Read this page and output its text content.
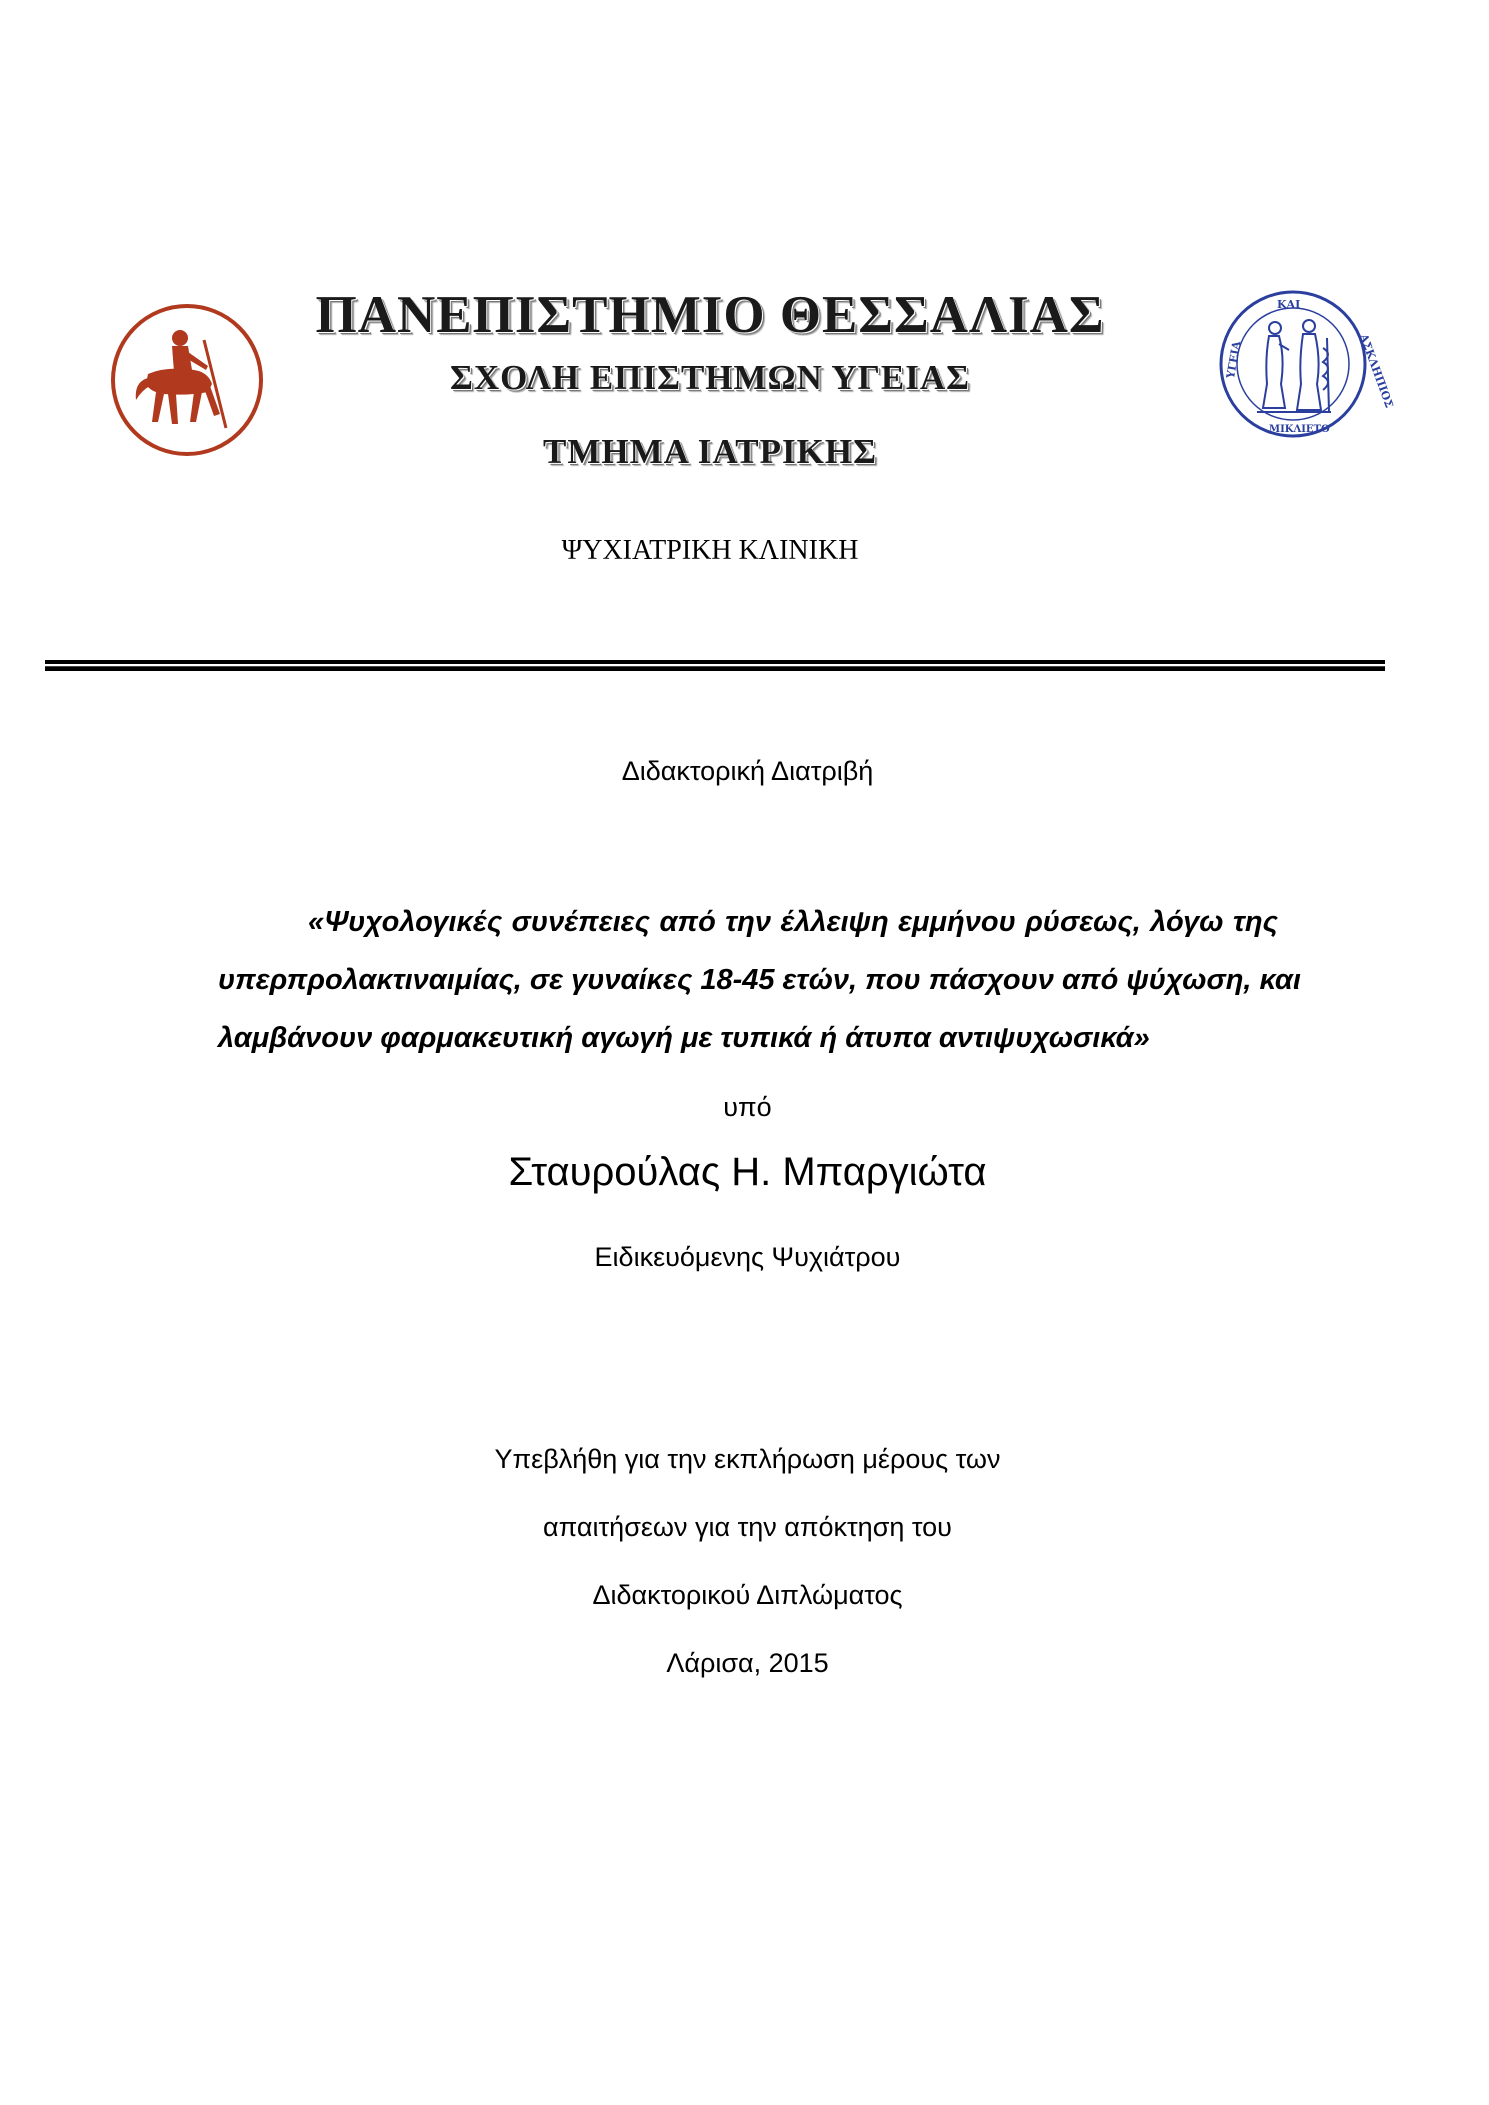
ΚΑΙ
ΥΓΕΙΑ	ΑΣΚΛΗΠΙΟΣ
ΜΙΚΛΙΕΤΟ
ΠΑΝΕΠΙΣΤΗΜΙΟ ΘΕΣΣΑΛΙΑΣ
ΣΧΟΛΗ ΕΠΙΣΤΗΜΩΝ ΥΓΕΙΑΣ
ΤΜΗΜΑ ΙΑΤΡΙΚΗΣ
ΨΥΧΙΑΤΡΙΚΗ ΚΛΙΝΙΚΗ
Διδακτορική Διατριβή
«Ψυχολογικές συνέπειες από την έλλειψη εμμήνου ρύσεως, λόγω της
υπερπρολακτιναιμίας, σε γυναίκες 18-45 ετών, που πάσχουν από ψύχωση, και
λαμβάνουν φαρμακευτική αγωγή με τυπικά ή άτυπα αντιψυχωσικά»
υπό
Σταυρούλας Η. Μπαργιώτα
Ειδικευόμενης Ψυχιάτρου
Υπεβλήθη για την εκπλήρωση μέρους των
απαιτήσεων για την απόκτηση του
Διδακτορικού Διπλώματος
Λάρισα, 2015
